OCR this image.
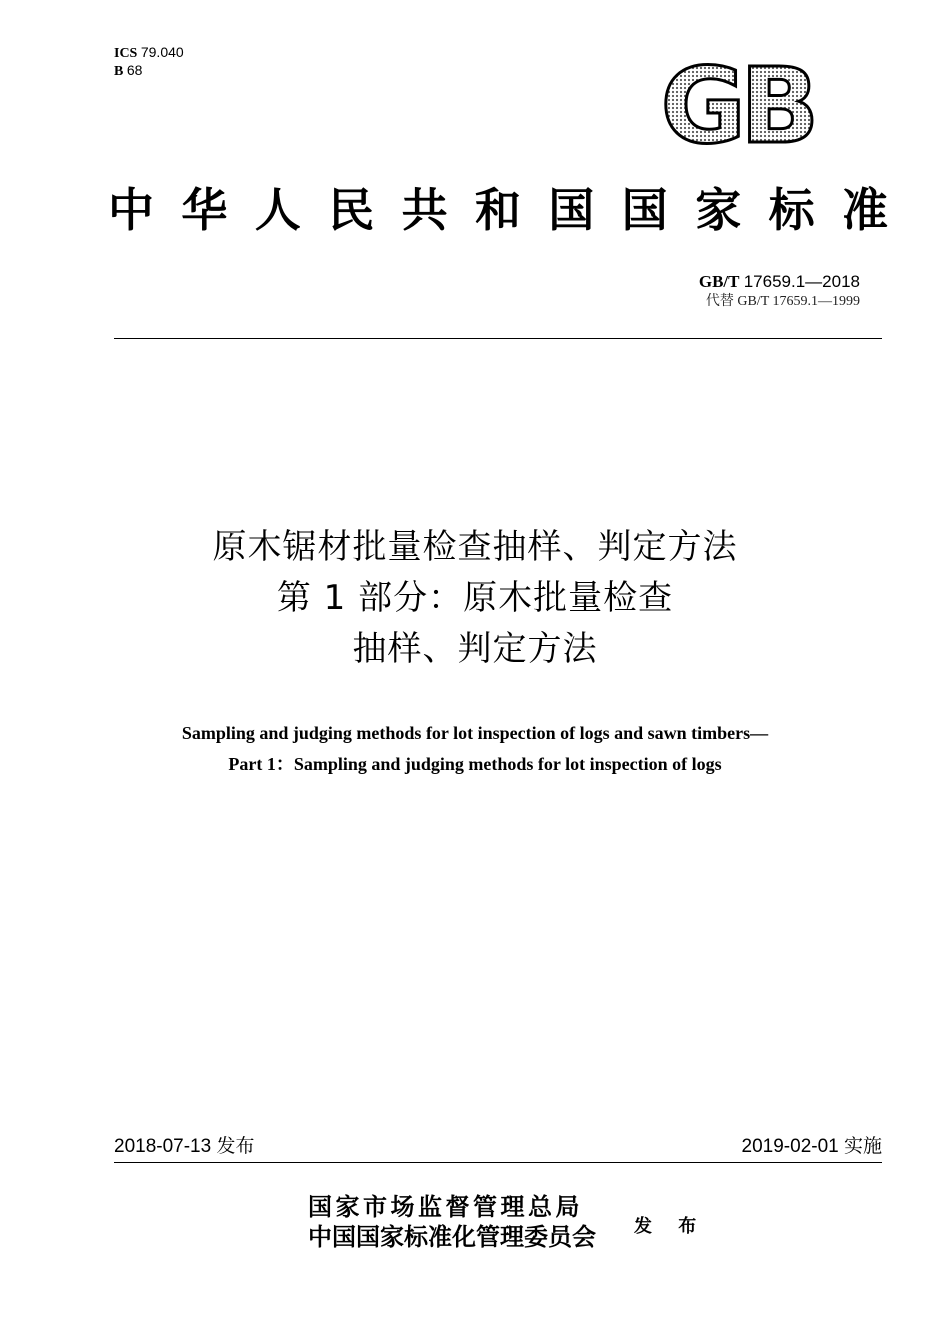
ICS 79.040
B 68	GB
中华人民共和国国家标准
GB/T 17659.1—2018
代替 GB/T 17659.1—1999
原木锯材批量检查抽样、判定方法
第 1 部分：原木批量检查
抽样、判定方法
Sampling and judging methods for lot inspection of logs and sawn timbers—
Part 1：Sampling and judging methods for lot inspection of logs
2018-07-13 发布	2019-02-01 实施
国家市场监督管理总局
中国国家标准化管理委员会 发 布
